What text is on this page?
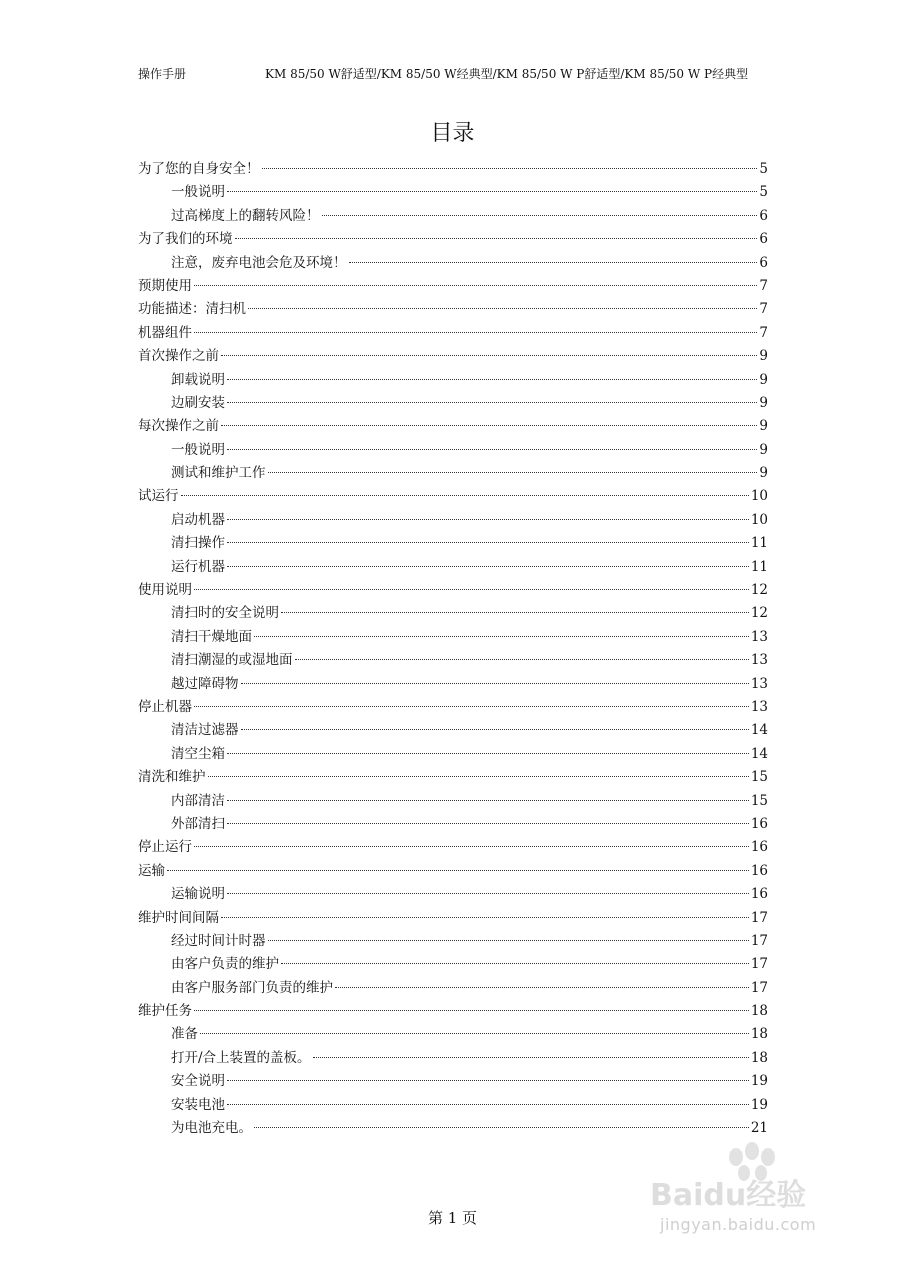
操作手册	KM 85/50 W舒适型/KM 85/50 W经典型/KM 85/50 W P舒适型/KM 85/50 W P经典型
目录
为了您的自身安全！	5
一般说明	5
过高梯度上的翻转风险！	6
为了我们的环境	6
注意，废弃电池会危及环境！	6
预期使用	7
功能描述：清扫机	7
机器组件	7
首次操作之前	9
卸载说明	9
边刷安装	9
每次操作之前	9
一般说明	9
测试和维护工作	9
试运行	10
启动机器	10
清扫操作	11
运行机器	11
使用说明	12
清扫时的安全说明	12
清扫干燥地面	13
清扫潮湿的或湿地面	13
越过障碍物	13
停止机器	13
清洁过滤器	14
清空尘箱	14
清洗和维护	15
内部清洁	15
外部清扫	16
停止运行	16
运输	16
运输说明	16
维护时间间隔	17
经过时间计时器	17
由客户负责的维护	17
由客户服务部门负责的维护	17
维护任务	18
准备	18
打开/合上装置的盖板。	18
安全说明	19
安装电池	19
为电池充电。	21
第 1 页
Baidu经验
jingyan.baidu.com
